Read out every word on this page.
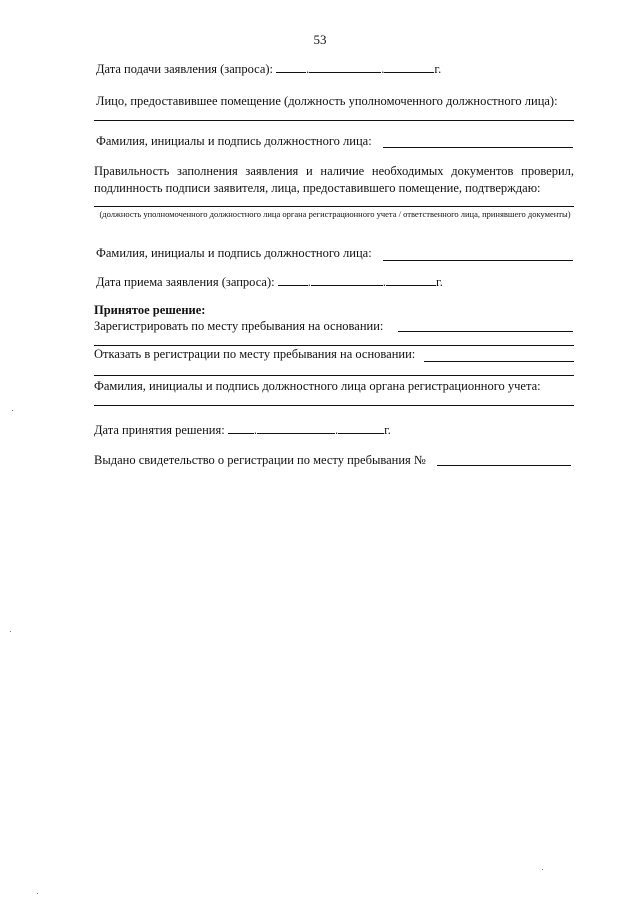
53
Дата подачи заявления (запроса):	.	.	г.
Лицо, предоставившее помещение (должность уполномоченного должностного лица):
Фамилия, инициалы и подпись должностного лица:
Правильность заполнения заявления и наличие необходимых документов проверил, подлинность подписи заявителя, лица, предоставившего помещение, подтверждаю:
(должность уполномоченного должностного лица органа регистрационного учета / ответственного лица, принявшего документы)
Фамилия, инициалы и подпись должностного лица:
Дата приема заявления (запроса):	.	.	г.
Принятое решение:
Зарегистрировать по месту пребывания на основании:
Отказать в регистрации по месту пребывания на основании:
Фамилия, инициалы и подпись должностного лица органа регистрационного учета:
Дата принятия решения: .	.	г.
Выдано свидетельство о регистрации по месту пребывания №
